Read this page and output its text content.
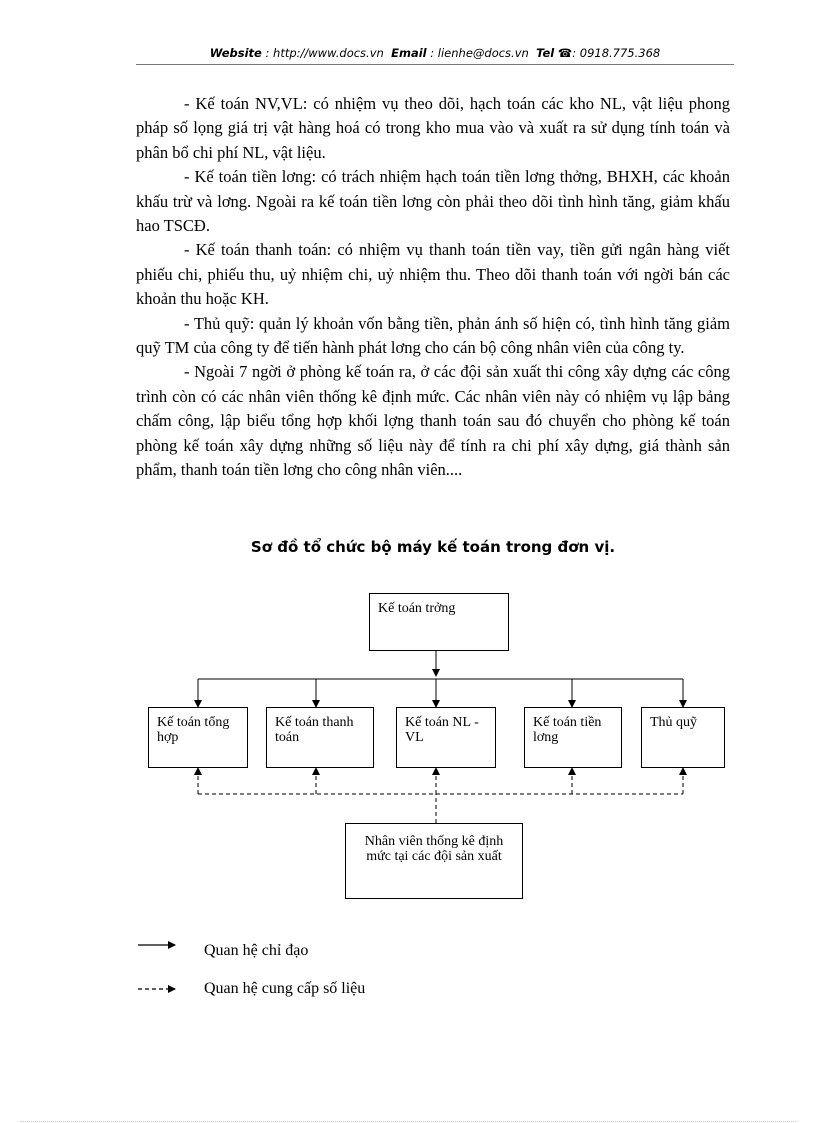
Website : http://www.docs.vn Email : lienhe@docs.vn Tel ☎: 0918.775.368

- Kế toán NV,VL: có nhiệm vụ theo dõi, hạch toán các kho NL, vật liệu phong pháp số lọng giá trị vật hàng hoá có trong kho mua vào và xuất ra sử dụng tính toán và phân bổ chi phí NL, vật liệu.

- Kế toán tiền lơng: có trách nhiệm hạch toán tiền lơng thởng, BHXH, các khoản khấu trừ và lơng. Ngoài ra kế toán tiền lơng còn phải theo dõi tình hình tăng, giảm khấu hao TSCĐ.

- Kế toán thanh toán: có nhiệm vụ thanh toán tiền vay, tiền gửi ngân hàng viết phiếu chi, phiếu thu, uỷ nhiệm chi, uỷ nhiệm thu. Theo dõi thanh toán với ngời bán các khoản thu hoặc KH.

- Thủ quỹ: quản lý khoản vốn bằng tiền, phản ánh số hiện có, tình hình tăng giảm quỹ TM của công ty để tiến hành phát lơng cho cán bộ công nhân viên của công ty.

- Ngoài 7 ngời ở phòng kế toán ra, ở các đội sản xuất thi công xây dựng các công trình còn có các nhân viên thống kê định mức. Các nhân viên này có nhiệm vụ lập bảng chấm công, lập biểu tổng hợp khối lợng thanh toán sau đó chuyển cho phòng kế toán phòng kế toán xây dựng những số liệu này để tính ra chi phí xây dựng, giá thành sản phẩm, thanh toán tiền lơng cho công nhân viên....

Sơ đồ tổ chức bộ máy kế toán trong đơn vị.
Kế toán trởng
Kế toán tổng hợp
Kế toán thanh toán
Kế toán NL - VL
Kế toán tiền lơng
Thủ quỹ
Nhân viên thống kê định mức tại các đội sản xuất
Quan hệ chỉ đạo
Quan hệ cung cấp số liệu
